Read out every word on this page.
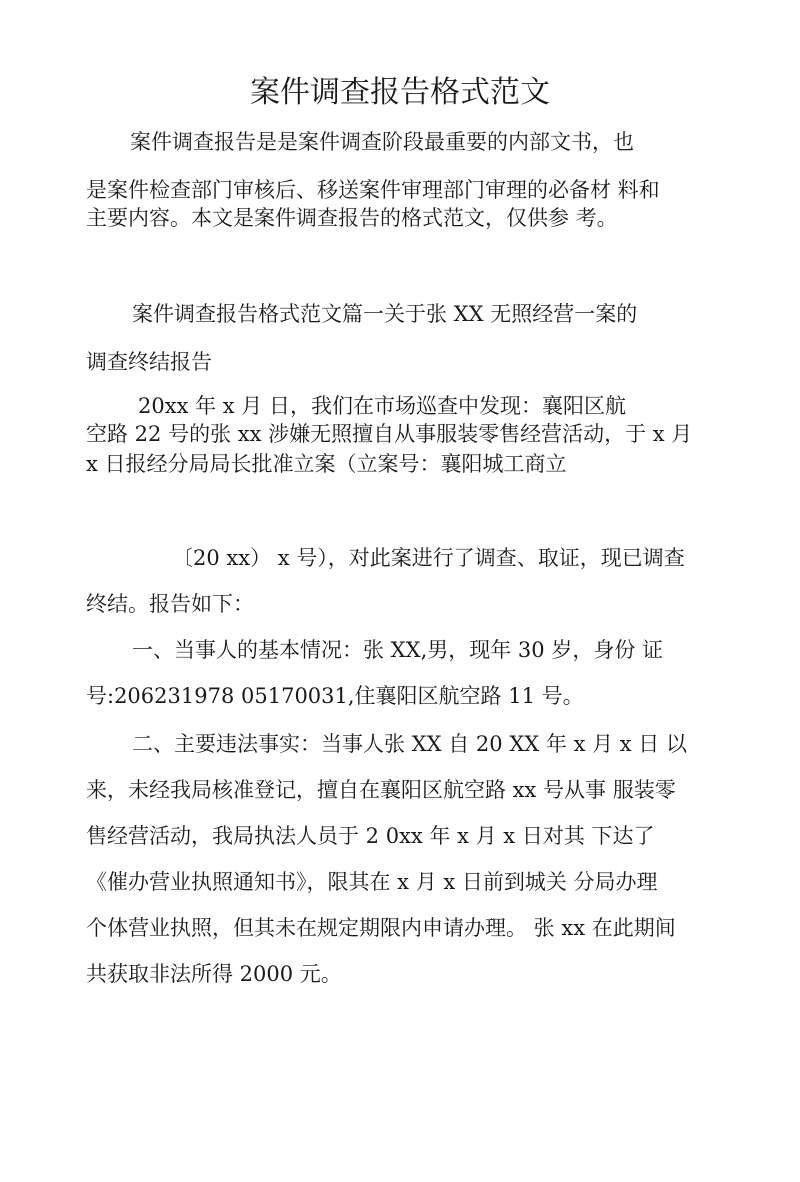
案件调查报告格式范文
案件调查报告是是案件调查阶段最重要的内部文书，也
是案件检查部门审核后、移送案件审理部门审理的必备材 料和
主要内容。本文是案件调查报告的格式范文，仅供参 考。
案件调查报告格式范文篇一关于张 XX 无照经营一案的
调查终结报告
20xx 年 x 月 日，我们在市场巡查中发现：襄阳区航
空路 22 号的张 xx 涉嫌无照擅自从事服装零售经营活动，于 x 月
x 日报经分局局长批准立案（立案号：襄阳城工商立
〔20 xx） x 号），对此案进行了调查、取证，现已调查
终结。报告如下：
一、当事人的基本情况：张 XX,男，现年 30 岁，身份 证
号:206231978 05170031,住襄阳区航空路 11 号。
二、主要违法事实：当事人张 XX 自 20 XX 年 x 月 x 日 以
来，未经我局核准登记，擅自在襄阳区航空路 xx 号从事 服装零
售经营活动，我局执法人员于 2 0xx 年 x 月 x 日对其 下达了
《催办营业执照通知书》，限其在 x 月 x 日前到城关 分局办理
个体营业执照，但其未在规定期限内申请办理。 张 xx 在此期间
共获取非法所得 2000 元。
